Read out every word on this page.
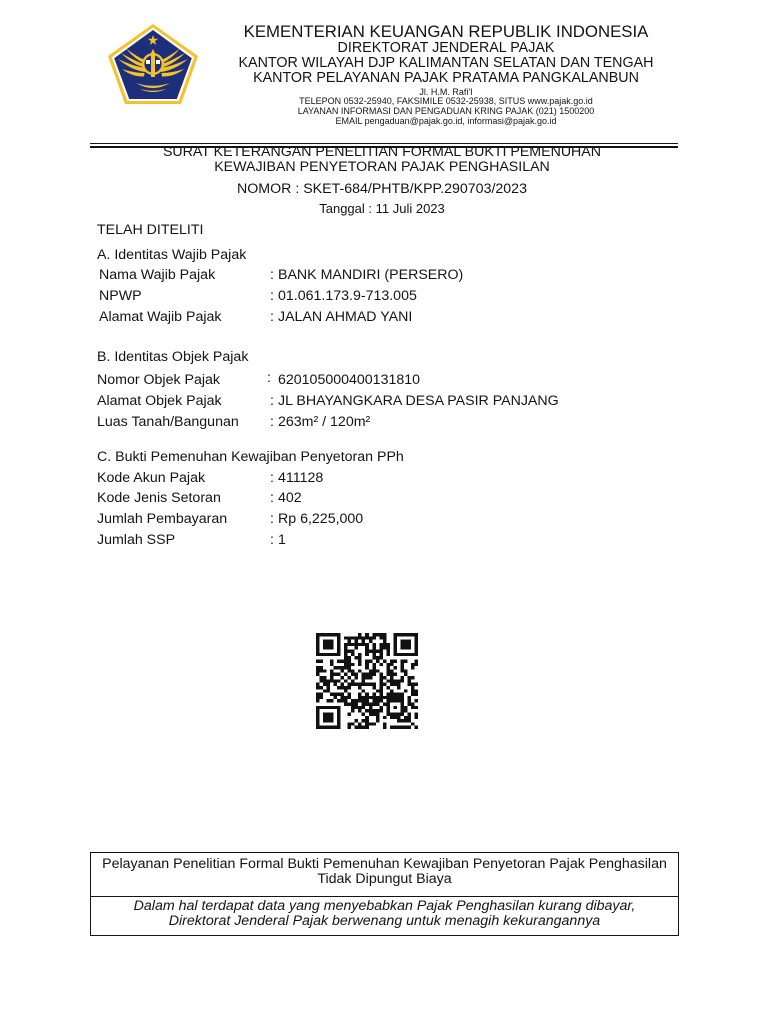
KEMENTERIAN KEUANGAN REPUBLIK INDONESIA
DIREKTORAT JENDERAL PAJAK
KANTOR WILAYAH DJP KALIMANTAN SELATAN DAN TENGAH
KANTOR PELAYANAN PAJAK PRATAMA PANGKALANBUN
Jl. H.M. Rafi'I
TELEPON 0532-25940, FAKSIMILE 0532-25938, SITUS www.pajak.go.id
LAYANAN INFORMASI DAN PENGADUAN KRING PAJAK (021) 1500200
EMAIL pengaduan@pajak.go.id, informasi@pajak.go.id
SURAT KETERANGAN PENELITIAN FORMAL BUKTI PEMENUHAN
KEWAJIBAN PENYETORAN PAJAK PENGHASILAN
NOMOR : SKET-684/PHTB/KPP.290703/2023
Tanggal : 11 Juli 2023
TELAH DITELITI
A. Identitas Wajib Pajak
Nama Wajib Pajak	: BANK MANDIRI (PERSERO)
NPWP	: 01.061.173.9-713.005
Alamat Wajib Pajak	: JALAN AHMAD YANI
B. Identitas Objek Pajak
Nomor Objek Pajak	: 620105000400131810
Alamat Objek Pajak	: JL BHAYANGKARA DESA PASIR PANJANG
Luas Tanah/Bangunan : 263m² / 120m²
C. Bukti Pemenuhan Kewajiban Penyetoran PPh
Kode Akun Pajak	: 411128
Kode Jenis Setoran	: 402
Jumlah Pembayaran	: Rp 6,225,000
Jumlah SSP	: 1
Pelayanan Penelitian Formal Bukti Pemenuhan Kewajiban Penyetoran Pajak Penghasilan
Tidak Dipungut Biaya
Dalam hal terdapat data yang menyebabkan Pajak Penghasilan kurang dibayar,
Direktorat Jenderal Pajak berwenang untuk menagih kekurangannya
